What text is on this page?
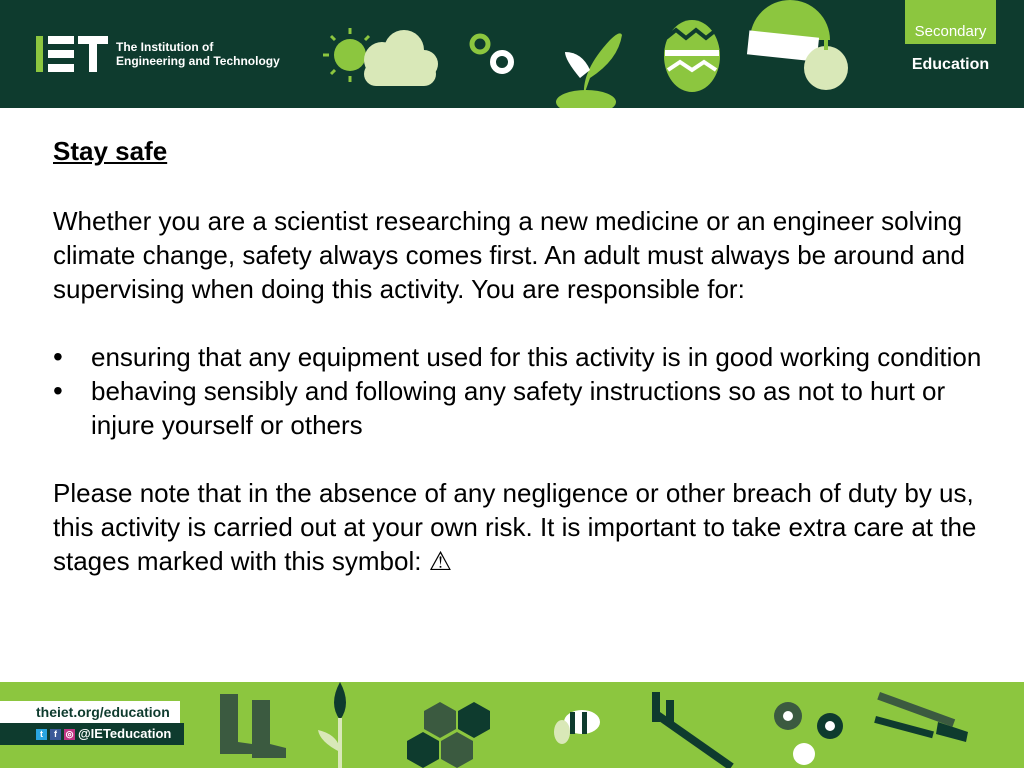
The Institution of
Engineering and Technology
Secondary
Education
Stay safe

Whether you are a scientist researching a new medicine or an engineer solving climate change, safety always comes first. An adult must always be around and supervising when doing this activity. You are responsible for:

• ensuring that any equipment used for this activity is in good working condition
• behaving sensibly and following any safety instructions so as not to hurt or injure yourself or others

Please note that in the absence of any negligence or other breach of duty by us, this activity is carried out at your own risk. It is important to take extra care at the stages marked with this symbol: ⚠

theiet.org/education
t	f ◎ @IETeducation
